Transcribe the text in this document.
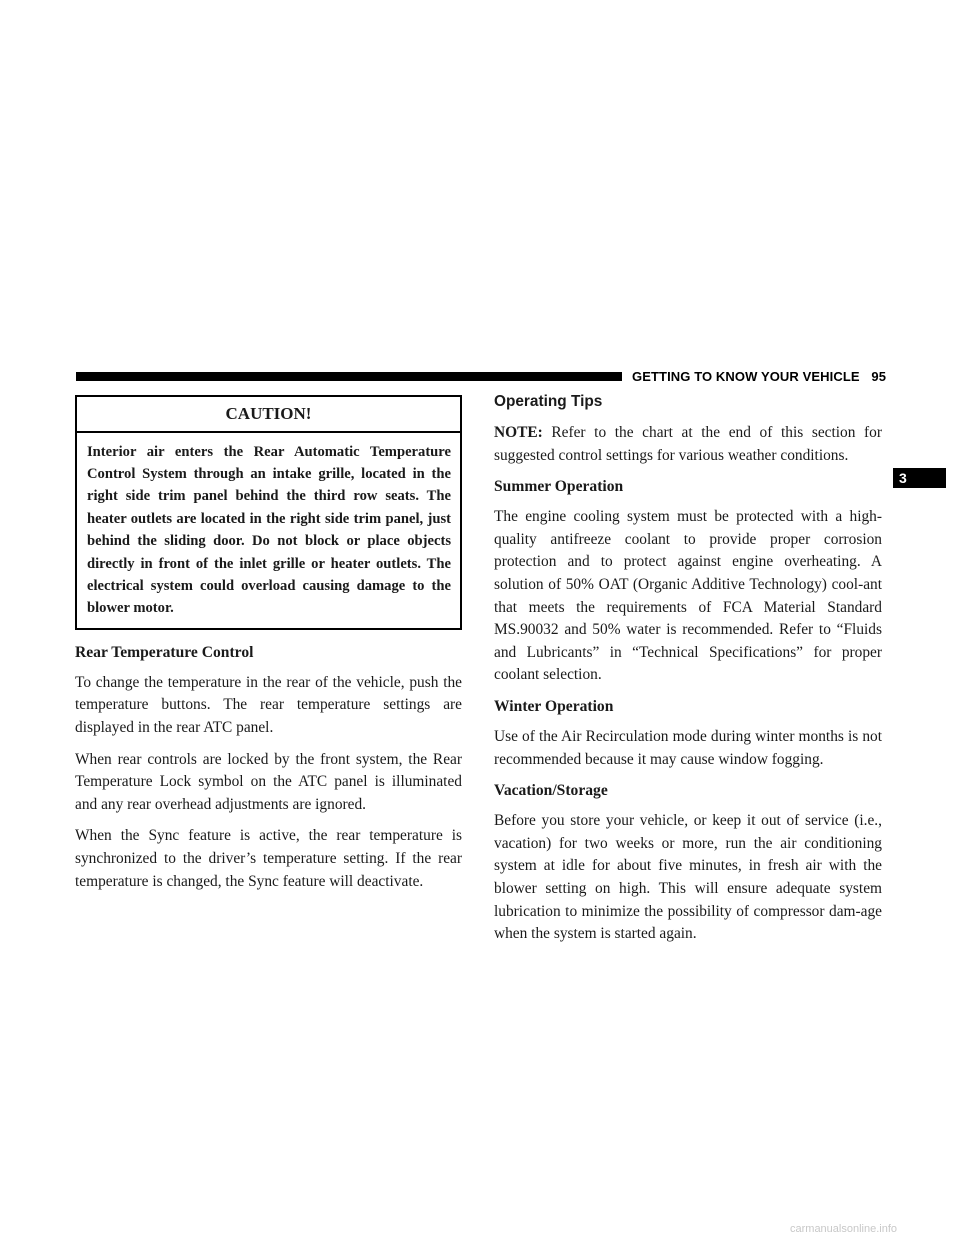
GETTING TO KNOW YOUR VEHICLE 95
CAUTION!
Interior air enters the Rear Automatic Temperature Control System through an intake grille, located in the right side trim panel behind the third row seats. The heater outlets are located in the right side trim panel, just behind the sliding door. Do not block or place objects directly in front of the inlet grille or heater outlets. The electrical system could overload causing damage to the blower motor.
Rear Temperature Control

To change the temperature in the rear of the vehicle, push the temperature buttons. The rear temperature settings are displayed in the rear ATC panel.

When rear controls are locked by the front system, the Rear Temperature Lock symbol on the ATC panel is illuminated and any rear overhead adjustments are ignored.

When the Sync feature is active, the rear temperature is synchronized to the driver’s temperature setting. If the rear temperature is changed, the Sync feature will deactivate.

Operating Tips

NOTE: Refer to the chart at the end of this section for suggested control settings for various weather conditions.

Summer Operation

The engine cooling system must be protected with a high-quality antifreeze coolant to provide proper corrosion protection and to protect against engine overheating. A solution of 50% OAT (Organic Additive Technology) cool-ant that meets the requirements of FCA Material Standard MS.90032 and 50% water is recommended. Refer to “Fluids and Lubricants” in “Technical Specifications” for proper coolant selection.

Winter Operation

Use of the Air Recirculation mode during winter months is not recommended because it may cause window fogging.

Vacation/Storage

Before you store your vehicle, or keep it out of service (i.e., vacation) for two weeks or more, run the air conditioning system at idle for about five minutes, in fresh air with the blower setting on high. This will ensure adequate system lubrication to minimize the possibility of compressor dam-age when the system is started again.

3
carmanualsonline.info
